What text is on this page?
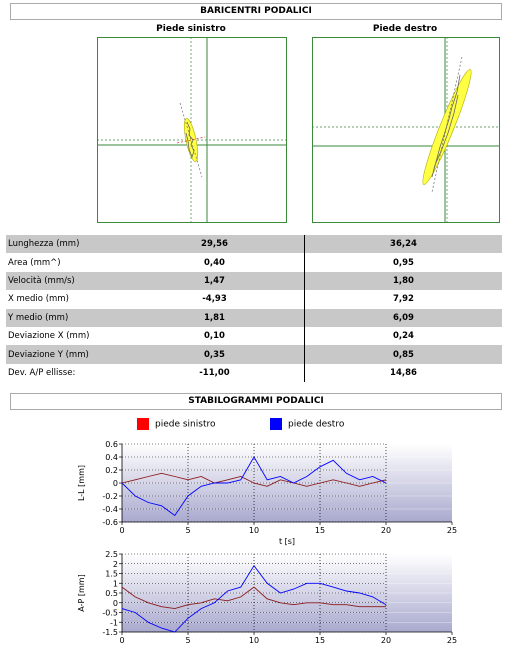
BARICENTRI PODALICI
Piede sinistro	Piede destro
Lunghezza (mm)	29,56	36,24
Area (mm^)	0,40	0,95
Velocità (mm/s)	1,47	1,80
X medio (mm)	-4,93	7,92
Y medio (mm)	1,81	6,09
Deviazione X (mm)	0,10	0,24
Deviazione Y (mm)	0,35	0,85
Dev. A/P ellisse:	-11,00	14,86
STABILOGRAMMI PODALICI
piede sinistro	piede destro
0.6
0.4
0.2
0
-0.2
-0.4
-0.6
0	5	10	15	20	25
L-L [mm]
t [s]
2.5
2
1.5
1
0.5
0
-0.5
-1
-1.5
0	5	10	15	20	25
A-P [mm]
